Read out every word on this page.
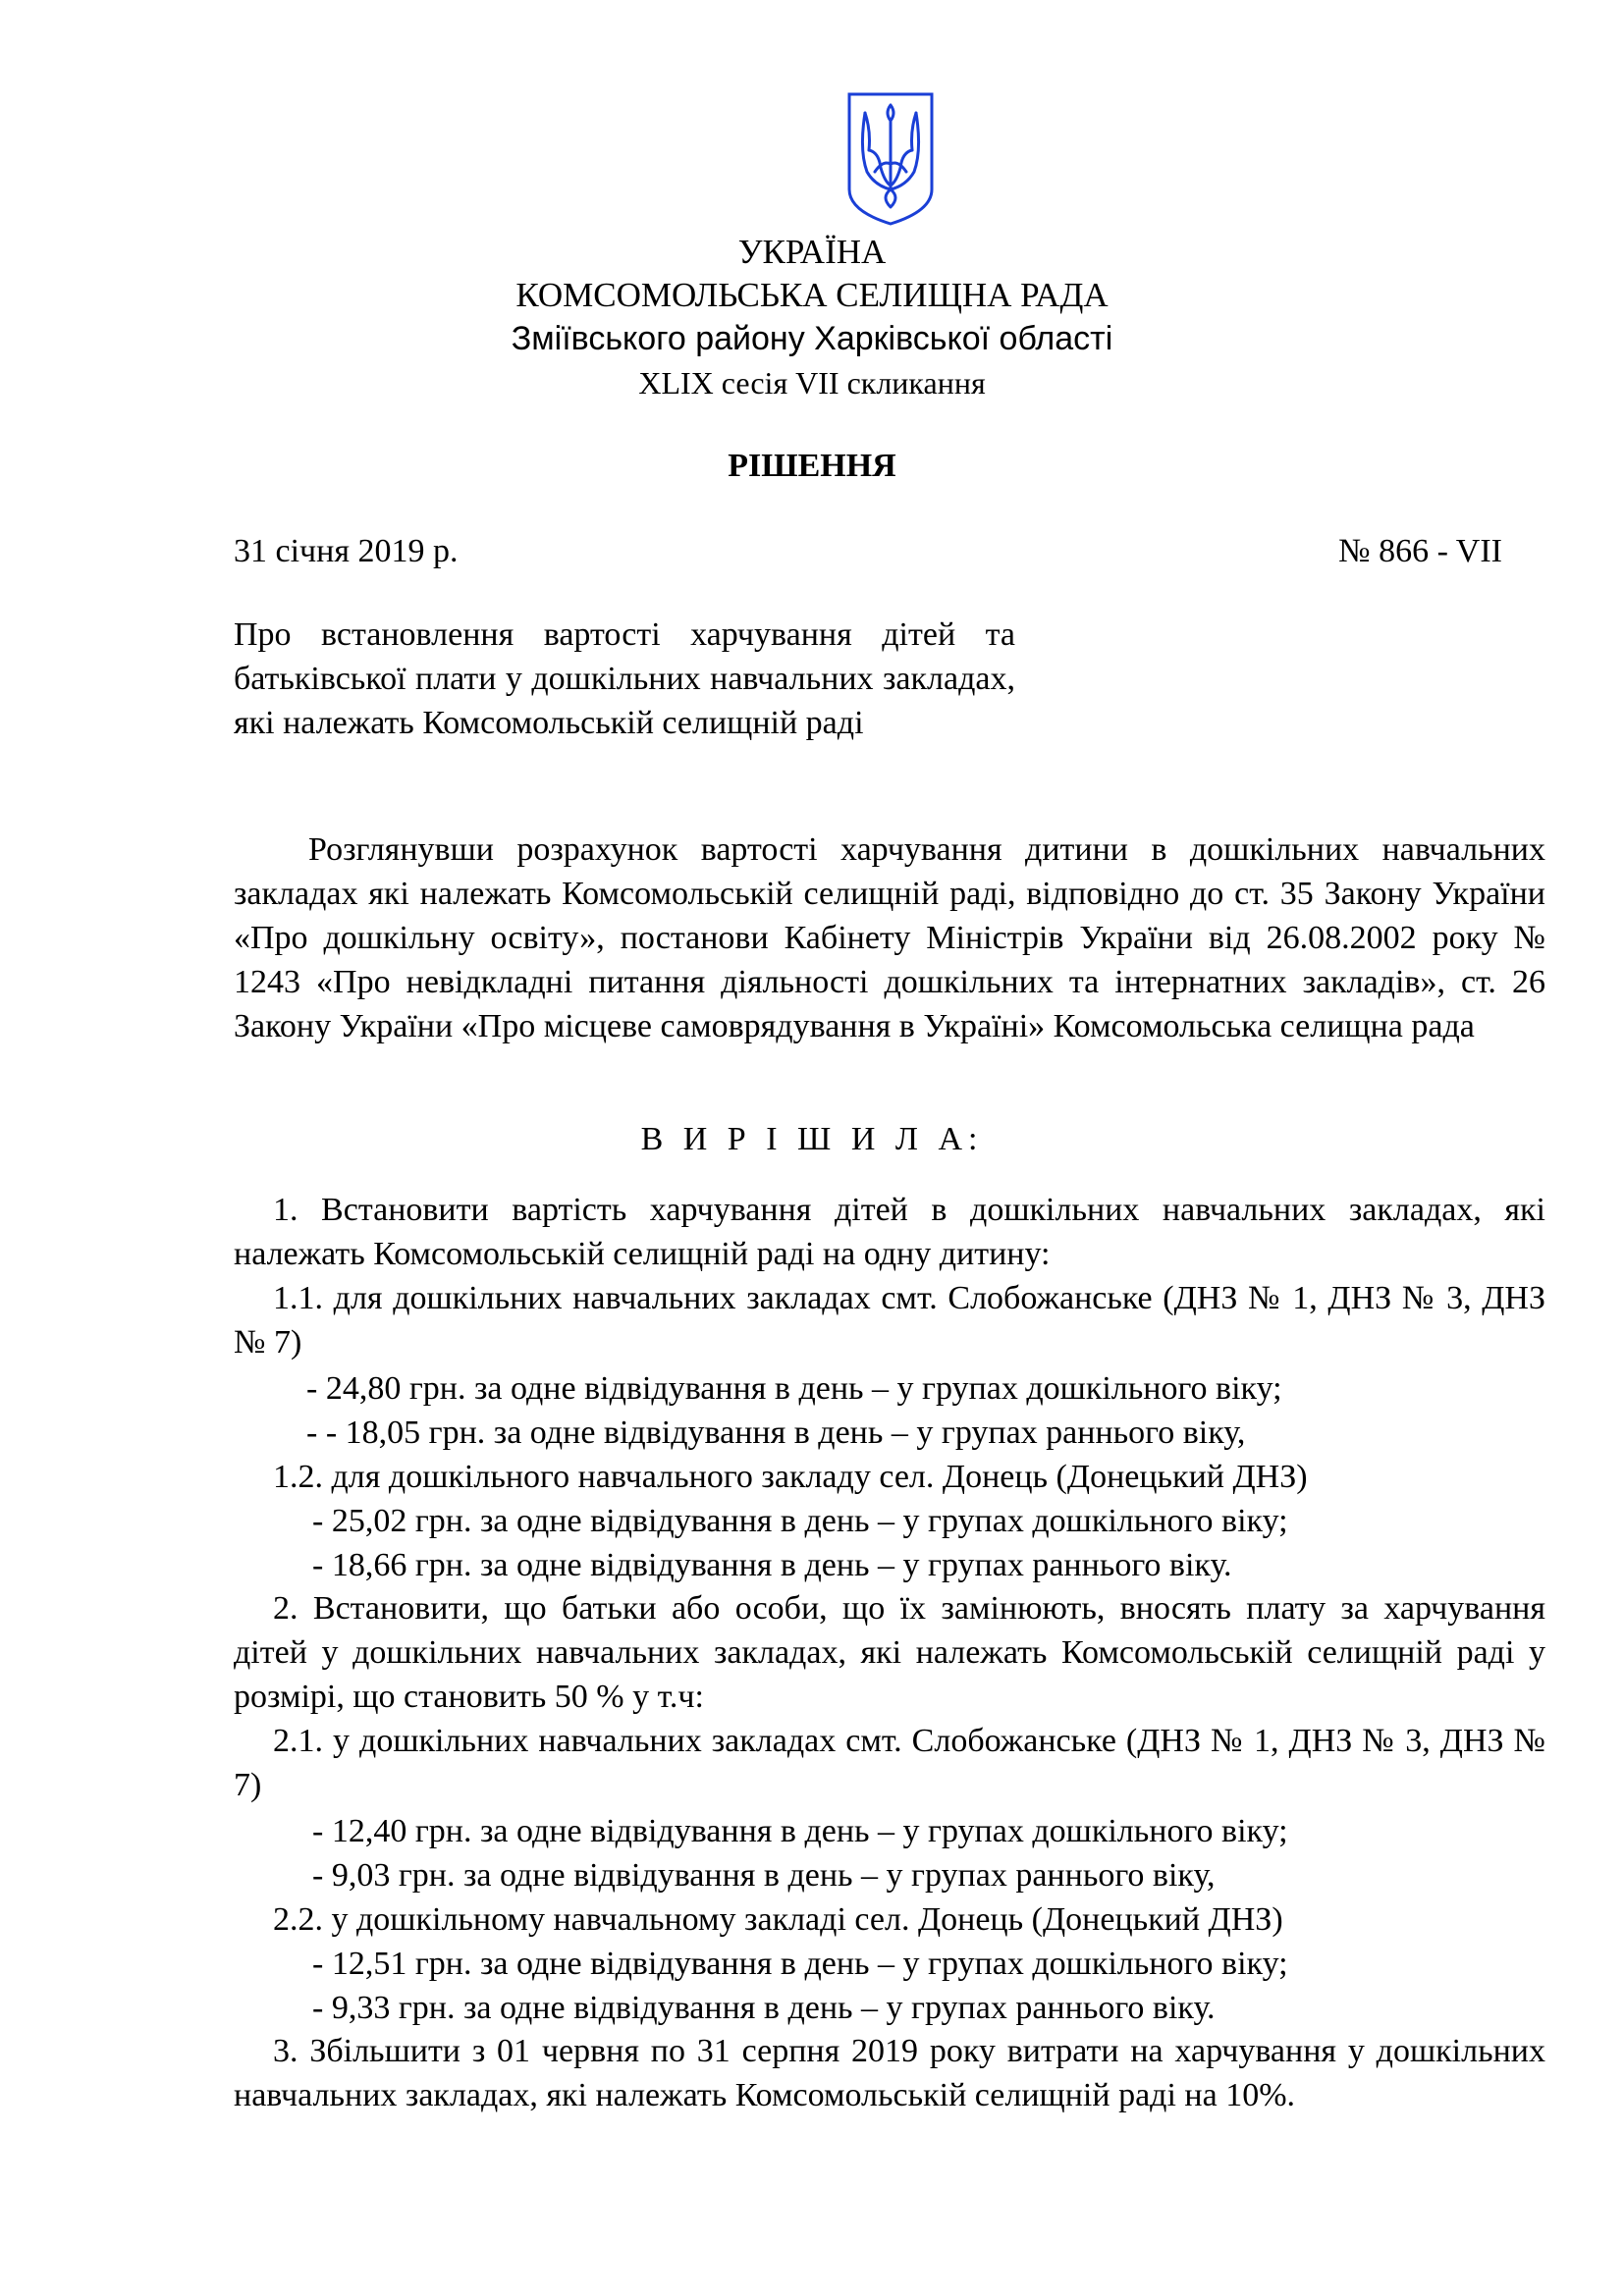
УКРАЇНА
КОМСОМОЛЬСЬКА СЕЛИЩНА РАДА
Зміївського району Харківської області
XLIX сесія VII скликання
РІШЕННЯ
31 січня 2019 р.	№ 866 - VII
Про встановлення вартості харчування дітей та батьківської плати у дошкільних навчальних закладах, які належать Комсомольській селищній раді
Розглянувши розрахунок вартості харчування дитини в дошкільних навчальних закладах які належать Комсомольській селищній раді, відповідно до ст. 35 Закону України «Про дошкільну освіту», постанови Кабінету Міністрів України від 26.08.2002 року № 1243 «Про невідкладні питання діяльності дошкільних та інтернатних закладів», ст. 26 Закону України «Про місцеве самоврядування в Україні» Комсомольська селищна рада
В И Р І Ш И Л А:
1. Встановити вартість харчування дітей в дошкільних навчальних закладах, які належать Комсомольській селищній раді на одну дитину:
1.1. для дошкільних навчальних закладах смт. Слобожанське (ДНЗ № 1, ДНЗ № 3, ДНЗ № 7)
- 24,80 грн. за одне відвідування в день – у групах дошкільного віку;
- - 18,05 грн. за одне відвідування в день – у групах раннього віку,
1.2. для дошкільного навчального закладу сел. Донець (Донецький ДНЗ)
- 25,02 грн. за одне відвідування в день – у групах дошкільного віку;
- 18,66 грн. за одне відвідування в день – у групах раннього віку.
2. Встановити, що батьки або особи, що їх замінюють, вносять плату за харчування дітей у дошкільних навчальних закладах, які належать Комсомольській селищній раді у розмірі, що становить 50 % у т.ч:
2.1. у дошкільних навчальних закладах смт. Слобожанське (ДНЗ № 1, ДНЗ № 3, ДНЗ № 7)
- 12,40 грн. за одне відвідування в день – у групах дошкільного віку;
- 9,03 грн. за одне відвідування в день – у групах раннього віку,
2.2. у дошкільному навчальному закладі сел. Донець (Донецький ДНЗ)
- 12,51 грн. за одне відвідування в день – у групах дошкільного віку;
- 9,33 грн. за одне відвідування в день – у групах раннього віку.
3. Збільшити з 01 червня по 31 серпня 2019 року витрати на харчування у дошкільних навчальних закладах, які належать Комсомольській селищній раді на 10%.
